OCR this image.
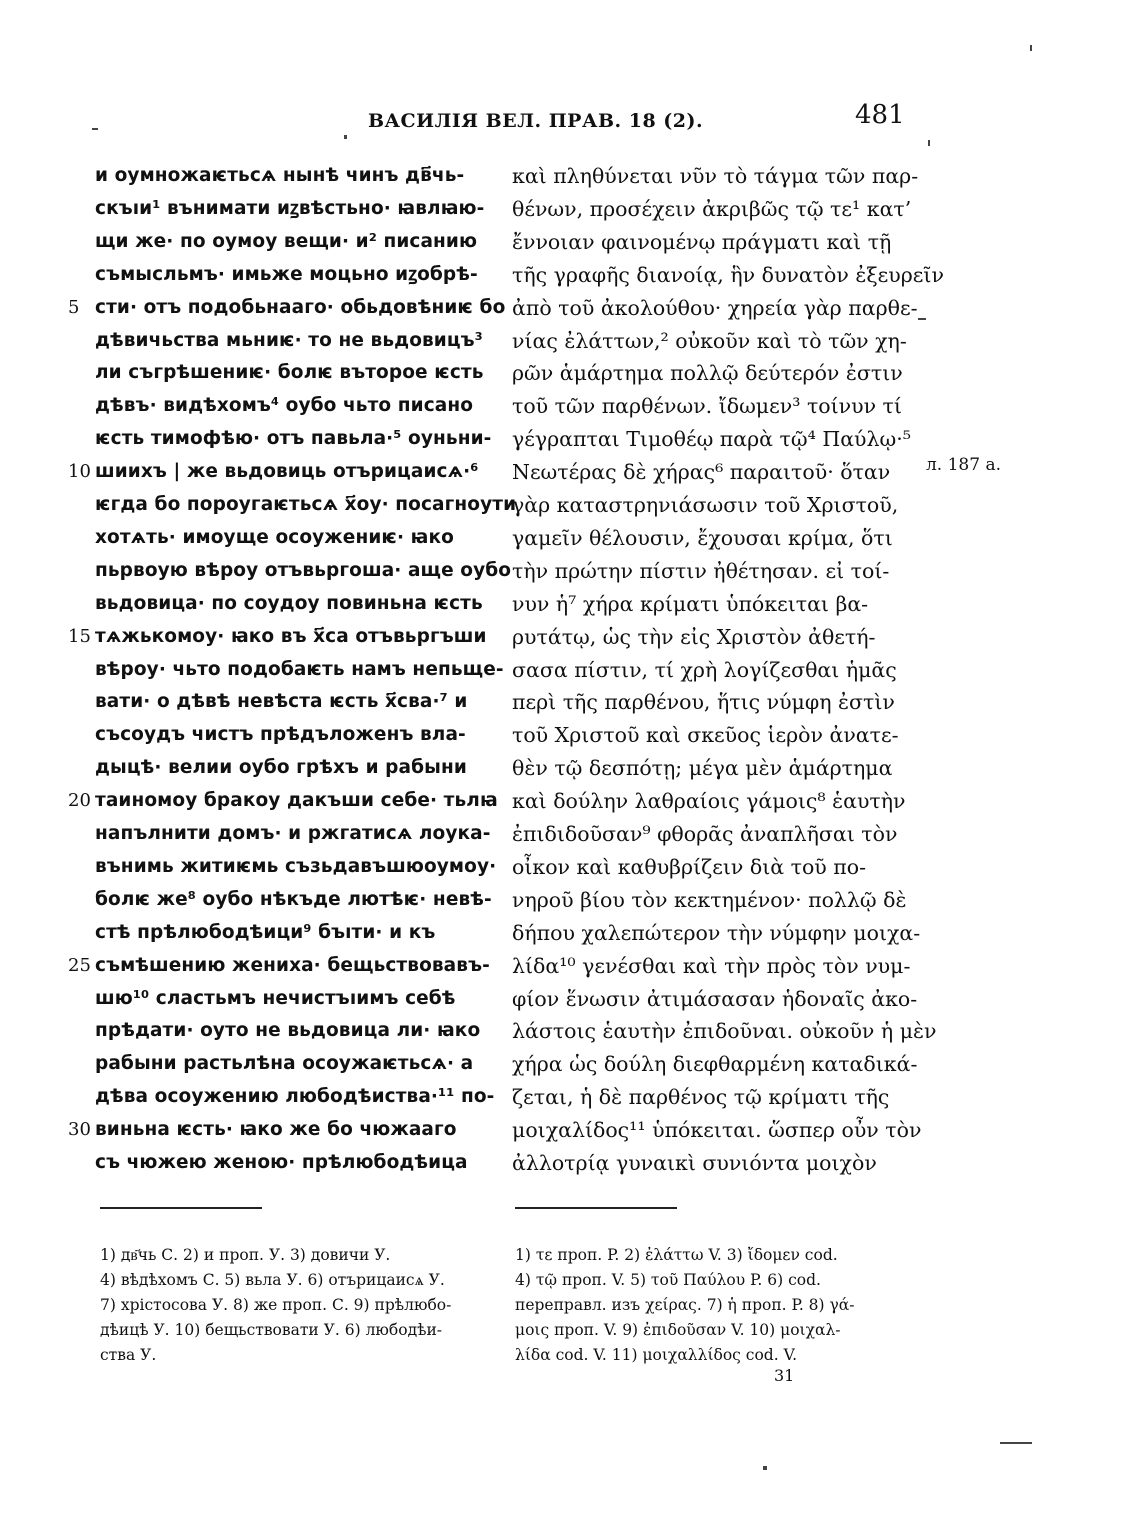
ВАСИЛІЯ ВЕЛ. ПРАВ. 18 (2).	481
и оумножаѥтьсѧ нынѣ чинъ дв҃чь-
скъıи¹ вънимати иꙁвѣстьно· ꙗвлꙗю-
щи же· по оумоу вещи· и² писанию
съмысльмъ· имьже моцьно иꙁобрѣ-
сти· отъ подобьнааго· обьдовѣниѥ бо
дѣвичьства мьниѥ· то не вьдовицъ³
ли съгрѣшениѥ· болѥ въторое ѥсть
дѣвъ· видѣхомъ⁴ оубо чьто писано
ѥсть тимофѣю· отъ павьла·⁵ оуньни-
шиихъ | же вьдовиць отърицаисѧ·⁶
ѥгда бо пороугаѥтьсѧ х҃оу· посагноути
хотѧть· имоуще осоужениѥ· ꙗко
пьрвоую вѣроу отъвьргоша· аще оубо
вьдовица· по соудоу повиньна ѥсть
тѧжькомоу· ꙗко въ х҃са отъвьргъши
вѣроу· чьто подобаѥть намъ непьще-
вати· о дѣвѣ невѣста ѥсть х҃сва·⁷ и
съсоудъ чистъ прѣдъложенъ вла-
дыцѣ· велии оубо грѣхъ и рабыни
таиномоу бракоу дакъши себе· тьлꙗ
напълнити домъ· и ржгатисѧ лоука-
вънимь житиѥмь съзьдавъшюоумоу·
болѥ же⁸ оубо нѣкъде лютѣѥ· невѣ-
стѣ прѣлюбодѣици⁹ бъıти· и къ
съмѣшению женихa· бещьствовавъ-
шю¹⁰ сластьмъ нечистъıимъ себѣ
прѣдати· оуто не вьдовица ли· ꙗко
рабыни растьлѣна осоужаѥтьсѧ· а
дѣва осоужению любодѣиства·¹¹ по-
виньна ѥсть· ꙗко же бо чюжааго
съ чюжею женою· прѣлюбодѣица
5
10
15
20
25
30
καὶ πληθύνεται νῦν τὸ τάγμα τῶν παρ-
θένων, προσέχειν ἀκριβῶς τῷ τε¹ κατ’
ἔννοιαν φαινομένῳ πράγματι καὶ τῇ
τῆς γραφῆς διανοίᾳ, ἣν δυνατὸν ἐξευρεῖν
ἀπὸ τοῦ ἀκολούθου· χηρεία γὰρ παρθε-
νίας ἐλάττων,² οὐκοῦν καὶ τὸ τῶν χη-
ρῶν ἁμάρτημα πολλῷ δεύτερόν ἐστιν
τοῦ τῶν παρθένων. ἴδωμεν³ τοίνυν τί
γέγραπται Τιμοθέῳ παρὰ τῷ⁴ Παύλῳ·⁵
Νεωτέρας δὲ χήρας⁶ παραιτοῦ· ὅταν
γὰρ καταστρηνιάσωσιν τοῦ Χριστοῦ,
γαμεῖν θέλουσιν, ἔχουσαι κρίμα, ὅτι
τὴν πρώτην πίστιν ἠθέτησαν. εἰ τοί-
νυν ἡ⁷ χήρα κρίματι ὑπόκειται βα-
ρυτάτῳ, ὡς τὴν εἰς Χριστὸν ἀθετή-
σασα πίστιν, τί χρὴ λογίζεσθαι ἡμᾶς
περὶ τῆς παρθένου, ἥτις νύμφη ἐστὶν
τοῦ Χριστοῦ καὶ σκεῦος ἱερὸν ἀνατε-
θὲν τῷ δεσπότῃ; μέγα μὲν ἁμάρτημα
καὶ δούλην λαθραίοις γάμοις⁸ ἑαυτὴν
ἐπιδιδοῦσαν⁹ φθορᾶς ἀναπλῆσαι τὸν
οἶκον καὶ καθυβρίζειν διὰ τοῦ πο-
νηροῦ βίου τὸν κεκτημένον· πολλῷ δὲ
δήπου χαλεπώτερον τὴν νύμφην μοιχα-
λίδα¹⁰ γενέσθαι καὶ τὴν πρὸς τὸν νυμ-
φίον ἕνωσιν ἀτιμάσασαν ἡδοναῖς ἀκο-
λάστοις ἑαυτὴν ἐπιδοῦναι. οὐκοῦν ἡ μὲν
χήρα ὡς δούλη διεφθαρμένη καταδικά-
ζεται, ἡ δὲ παρθένος τῷ κρίματι τῆς
μοιχαλίδος¹¹ ὑπόκειται. ὥσπερ οὖν τὸν
ἀλλοτρίᾳ γυναικὶ συνιόντα μοιχὸν
л. 187 а.
1) дв҃чь С. 2) и проп. У. 3) довичи У.
4) вѣдѣхомъ С. 5) вьла У. 6) отърицаисѧ У.
7) хрістосова У. 8) же проп. С. 9) прѣлюбо-
дѣицѣ У. 10) бещьствовати У. 6) любодѣи-
ства У.
1) τε проп. P. 2) ἐλάττω V. 3) ἴδομεν cod.
4) τῷ проп. V. 5) τοῦ Παύλου P. 6) cod.
переправл. изъ χείρας. 7) ἡ проп. P. 8) γά-
μοις проп. V. 9) ἐπιδοῦσαν V. 10) μοιχαλ-
λίδα cod. V. 11) μοιχαλλίδος cod. V.
31
